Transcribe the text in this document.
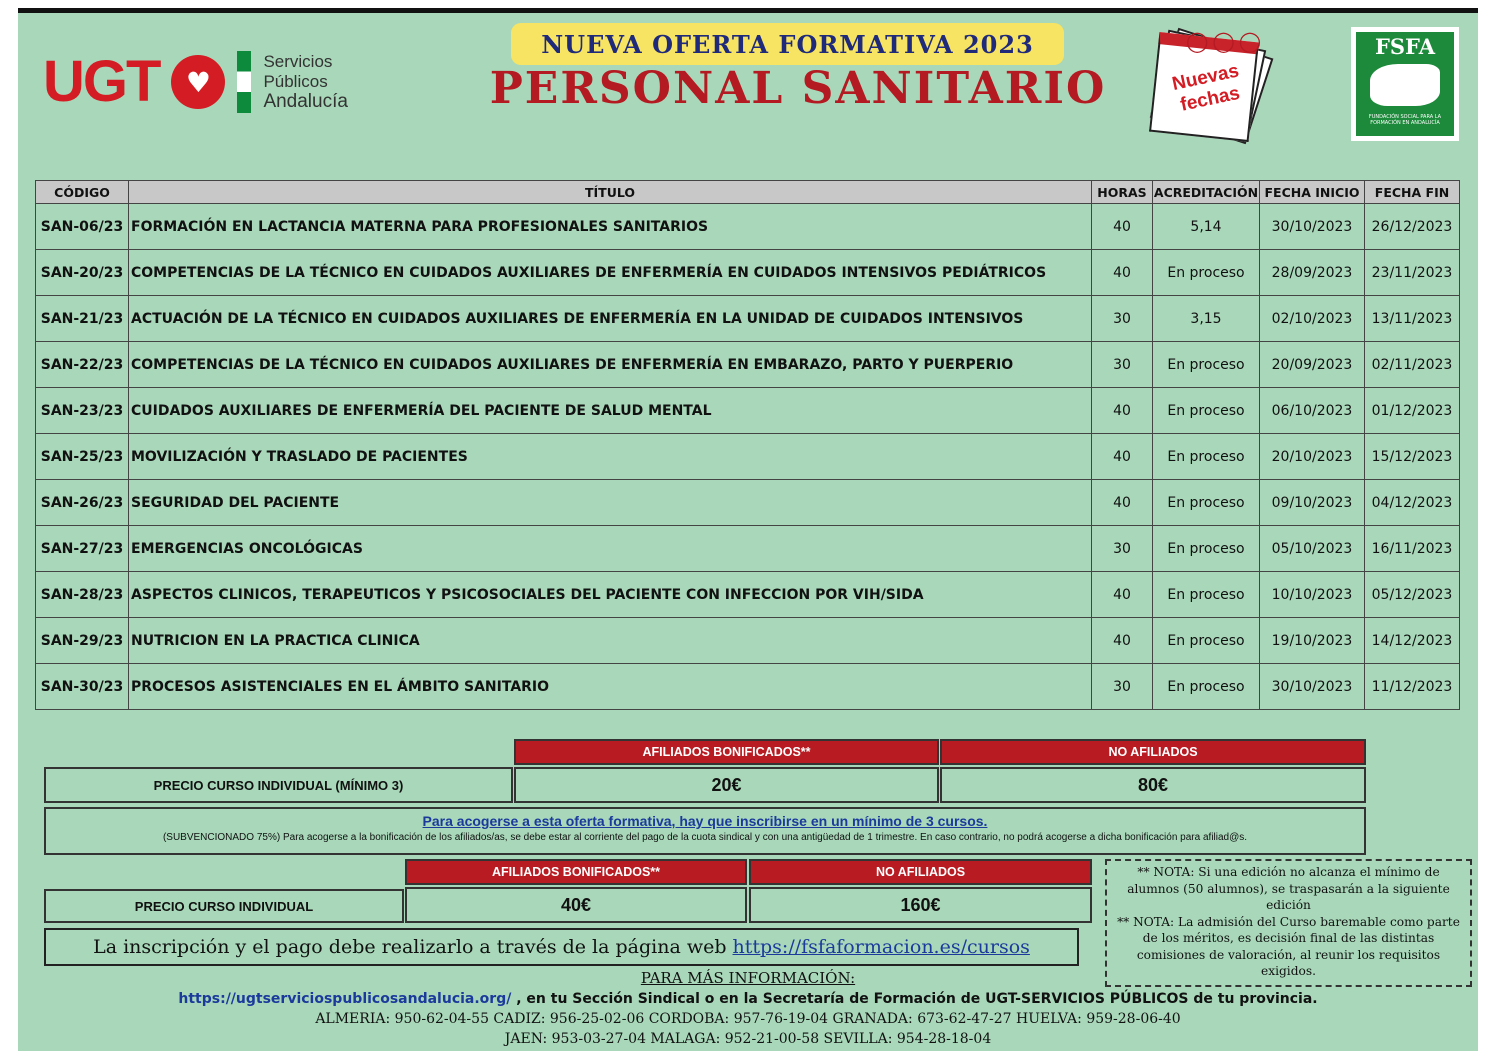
UGT ♥
Servicios
Públicos
Andalucía
NUEVA OFERTA FORMATIVA 2023
PERSONAL SANITARIO
◯◯◯
Nuevas fechas
FSFA
FUNDACIÓN SOCIAL PARA LA FORMACIÓN EN ANDALUCÍA
CÓDIGO	TÍTULO	HORAS	ACREDITACIÓN	FECHA INICIO	FECHA FIN
SAN-06/23	FORMACIÓN EN LACTANCIA MATERNA PARA PROFESIONALES SANITARIOS	40	5,14	30/10/2023	26/12/2023
SAN-20/23	COMPETENCIAS DE LA TÉCNICO EN CUIDADOS AUXILIARES DE ENFERMERÍA EN CUIDADOS INTENSIVOS PEDIÁTRICOS	40	En proceso	28/09/2023	23/11/2023
SAN-21/23	ACTUACIÓN DE LA TÉCNICO EN CUIDADOS AUXILIARES DE ENFERMERÍA EN LA UNIDAD DE CUIDADOS INTENSIVOS	30	3,15	02/10/2023	13/11/2023
SAN-22/23	COMPETENCIAS DE LA TÉCNICO EN CUIDADOS AUXILIARES DE ENFERMERÍA EN EMBARAZO, PARTO Y PUERPERIO	30	En proceso	20/09/2023	02/11/2023
SAN-23/23	CUIDADOS AUXILIARES DE ENFERMERÍA DEL PACIENTE DE SALUD MENTAL	40	En proceso	06/10/2023	01/12/2023
SAN-25/23	MOVILIZACIÓN Y TRASLADO DE PACIENTES	40	En proceso	20/10/2023	15/12/2023
SAN-26/23	SEGURIDAD DEL PACIENTE	40	En proceso	09/10/2023	04/12/2023
SAN-27/23	EMERGENCIAS ONCOLÓGICAS	30	En proceso	05/10/2023	16/11/2023
SAN-28/23	ASPECTOS CLINICOS, TERAPEUTICOS Y PSICOSOCIALES DEL PACIENTE CON INFECCION POR VIH/SIDA	40	En proceso	10/10/2023	05/12/2023
SAN-29/23	NUTRICION EN LA PRACTICA CLINICA	40	En proceso	19/10/2023	14/12/2023
SAN-30/23	PROCESOS ASISTENCIALES EN EL ÁMBITO SANITARIO	30	En proceso	30/10/2023	11/12/2023
AFILIADOS BONIFICADOS**	NO AFILIADOS
PRECIO CURSO INDIVIDUAL (MÍNIMO 3)	20€	80€
Para acogerse a esta oferta formativa, hay que inscribirse en un mínimo de 3 cursos.
(SUBVENCIONADO 75%) Para acogerse a la bonificación de los afiliados/as, se debe estar al corriente del pago de la cuota sindical y con una antigüedad de 1 trimestre. En caso contrario, no podrá acogerse a dicha bonificación para afiliad@s.
AFILIADOS BONIFICADOS**	NO AFILIADOS
PRECIO CURSO INDIVIDUAL	40€	160€
La inscripción y el pago debe realizarlo a través de la página web https://fsfaformacion.es/cursos
** NOTA: Si una edición no alcanza el mínimo de alumnos (50 alumnos), se traspasarán a la siguiente edición
** NOTA: La admisión del Curso baremable como parte de los méritos, es decisión final de las distintas comisiones de valoración, al reunir los requisitos exigidos.
PARA MÁS INFORMACIÓN:
https://ugtserviciospublicosandalucia.org/ , en tu Sección Sindical o en la Secretaría de Formación de UGT-SERVICIOS PÚBLICOS de tu provincia.
ALMERIA: 950-62-04-55 CADIZ: 956-25-02-06 CORDOBA: 957-76-19-04 GRANADA: 673-62-47-27 HUELVA: 959-28-06-40
JAEN: 953-03-27-04 MALAGA: 952-21-00-58 SEVILLA: 954-28-18-04
